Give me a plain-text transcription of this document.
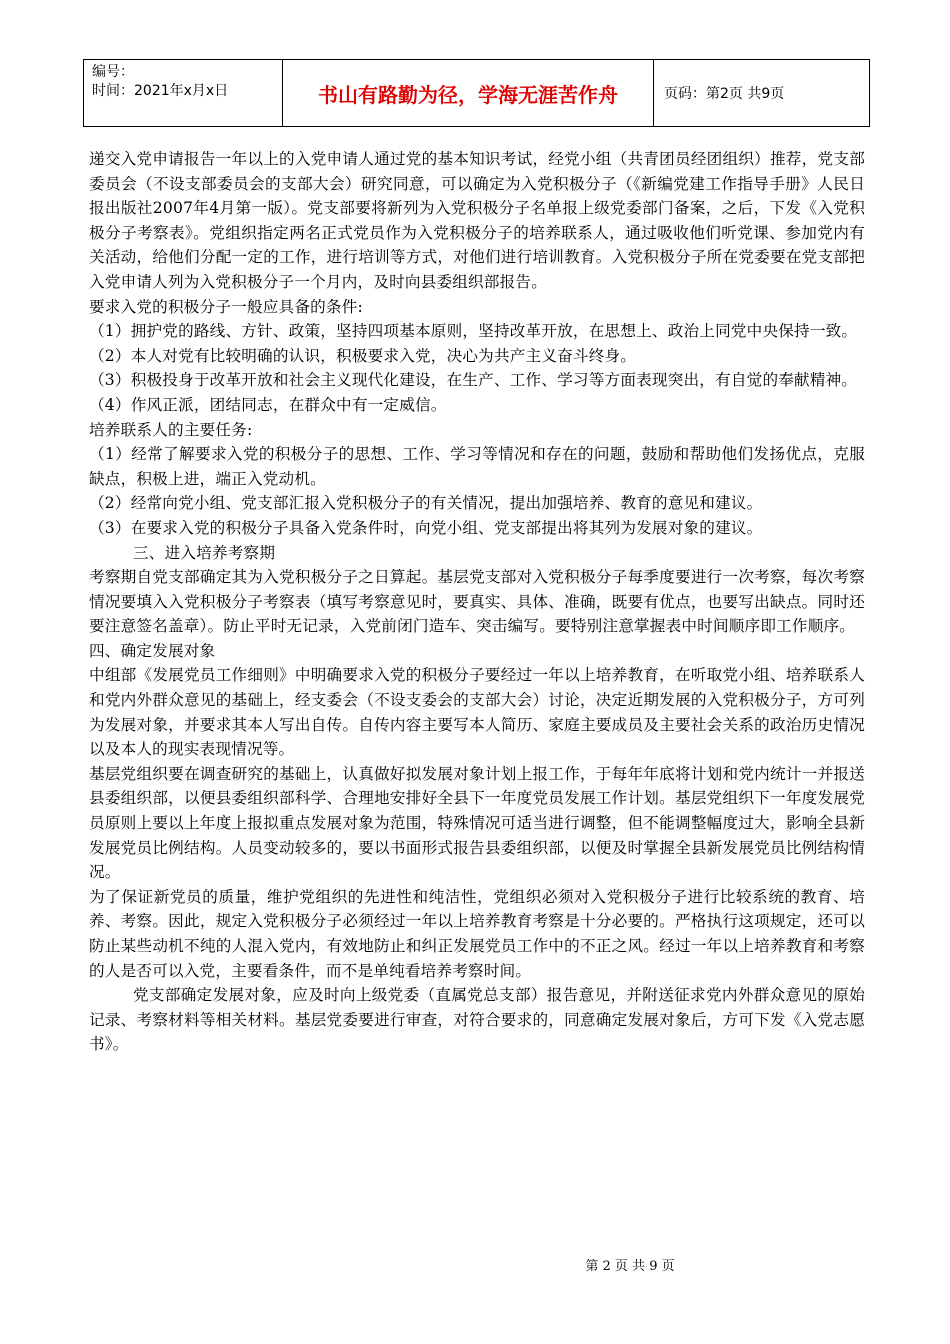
编号：
时间：2021年x月x日	书山有路勤为径，学海无涯苦作舟	页码：第2页 共9页

递交入党申请报告一年以上的入党申请人通过党的基本知识考试，经党小组（共青团员经团组织）推荐，党支部委员会（不设支部委员会的支部大会）研究同意，可以确定为入党积极分子（《新编党建工作指导手册》人民日报出版社2007年4月第一版）。党支部要将新列为入党积极分子名单报上级党委部门备案，之后，下发《入党积极分子考察表》。党组织指定两名正式党员作为入党积极分子的培养联系人，通过吸收他们听党课、参加党内有关活动，给他们分配一定的工作，进行培训等方式，对他们进行培训教育。入党积极分子所在党委要在党支部把入党申请人列为入党积极分子一个月内，及时向县委组织部报告。

要求入党的积极分子一般应具备的条件:

（1）拥护党的路线、方针、政策，坚持四项基本原则，坚持改革开放，在思想上、政治上同党中央保持一致。

（2）本人对党有比较明确的认识，积极要求入党，决心为共产主义奋斗终身。

（3）积极投身于改革开放和社会主义现代化建设，在生产、工作、学习等方面表现突出，有自觉的奉献精神。

（4）作风正派，团结同志，在群众中有一定威信。

培养联系人的主要任务:

（1）经常了解要求入党的积极分子的思想、工作、学习等情况和存在的问题，鼓励和帮助他们发扬优点，克服缺点，积极上进，端正入党动机。

（2）经常向党小组、党支部汇报入党积极分子的有关情况，提出加强培养、教育的意见和建议。

（3）在要求入党的积极分子具备入党条件时，向党小组、党支部提出将其列为发展对象的建议。

三、进入培养考察期

考察期自党支部确定其为入党积极分子之日算起。基层党支部对入党积极分子每季度要进行一次考察，每次考察情况要填入入党积极分子考察表（填写考察意见时，要真实、具体、准确，既要有优点，也要写出缺点。同时还要注意签名盖章）。防止平时无记录，入党前闭门造车、突击编写。要特别注意掌握表中时间顺序即工作顺序。

四、确定发展对象

中组部《发展党员工作细则》中明确要求入党的积极分子要经过一年以上培养教育，在听取党小组、培养联系人和党内外群众意见的基础上，经支委会（不设支委会的支部大会）讨论，决定近期发展的入党积极分子，方可列为发展对象，并要求其本人写出自传。自传内容主要写本人简历、家庭主要成员及主要社会关系的政治历史情况以及本人的现实表现情况等。

基层党组织要在调查研究的基础上，认真做好拟发展对象计划上报工作，于每年年底将计划和党内统计一并报送县委组织部，以便县委组织部科学、合理地安排好全县下一年度党员发展工作计划。基层党组织下一年度发展党员原则上要以上年度上报拟重点发展对象为范围，特殊情况可适当进行调整，但不能调整幅度过大，影响全县新发展党员比例结构。人员变动较多的，要以书面形式报告县委组织部，以便及时掌握全县新发展党员比例结构情况。

为了保证新党员的质量，维护党组织的先进性和纯洁性，党组织必须对入党积极分子进行比较系统的教育、培养、考察。因此，规定入党积极分子必须经过一年以上培养教育考察是十分必要的。严格执行这项规定，还可以防止某些动机不纯的人混入党内，有效地防止和纠正发展党员工作中的不正之风。经过一年以上培养教育和考察的人是否可以入党，主要看条件，而不是单纯看培养考察时间。

党支部确定发展对象，应及时向上级党委（直属党总支部）报告意见，并附送征求党内外群众意见的原始记录、考察材料等相关材料。基层党委要进行审查，对符合要求的，同意确定发展对象后，方可下发《入党志愿书》。

第 2 页 共 9 页
